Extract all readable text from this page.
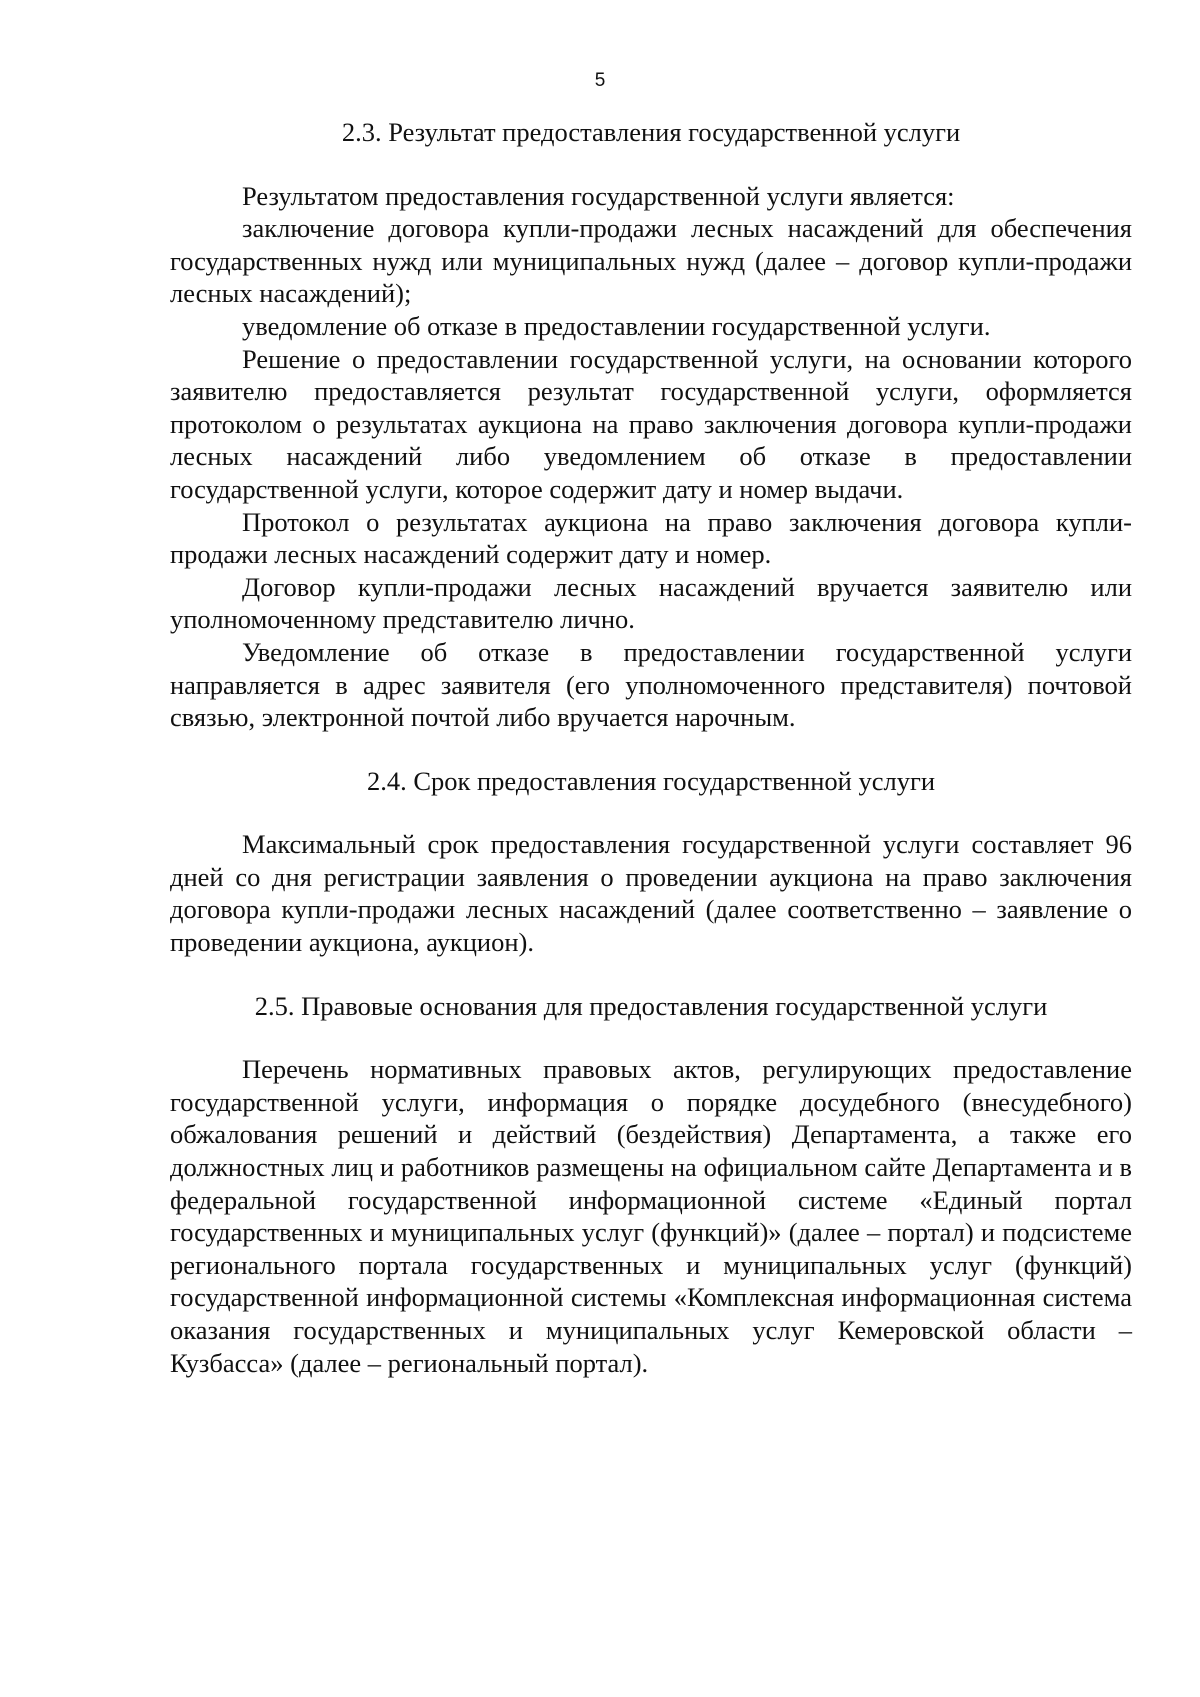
5
2.3. Результат предоставления государственной услуги

Результатом предоставления государственной услуги является:

заключение договора купли-продажи лесных насаждений для обеспечения государственных нужд или муниципальных нужд (далее – договор купли-продажи лесных насаждений);

уведомление об отказе в предоставлении государственной услуги.

Решение о предоставлении государственной услуги, на основании которого заявителю предоставляется результат государственной услуги, оформляется протоколом о результатах аукциона на право заключения договора купли-продажи лесных насаждений либо уведомлением об отказе в предоставлении государственной услуги, которое содержит дату и номер выдачи.

Протокол о результатах аукциона на право заключения договора купли-продажи лесных насаждений содержит дату и номер.

Договор купли-продажи лесных насаждений вручается заявителю или уполномоченному представителю лично.

Уведомление об отказе в предоставлении государственной услуги направляется в адрес заявителя (его уполномоченного представителя) почтовой связью, электронной почтой либо вручается нарочным.

2.4. Срок предоставления государственной услуги

Максимальный срок предоставления государственной услуги составляет 96 дней со дня регистрации заявления о проведении аукциона на право заключения договора купли-продажи лесных насаждений (далее соответственно – заявление о проведении аукциона, аукцион).

2.5. Правовые основания для предоставления государственной услуги

Перечень нормативных правовых актов, регулирующих предоставление государственной услуги, информация о порядке досудебного (внесудебного) обжалования решений и действий (бездействия) Департамента, а также его должностных лиц и работников размещены на официальном сайте Департамента и в федеральной государственной информационной системе «Единый портал государственных и муниципальных услуг (функций)» (далее – портал) и подсистеме регионального портала государственных и муниципальных услуг (функций) государственной информационной системы «Комплексная информационная система оказания государственных и муниципальных услуг Кемеровской области – Кузбасса» (далее – региональный портал).
